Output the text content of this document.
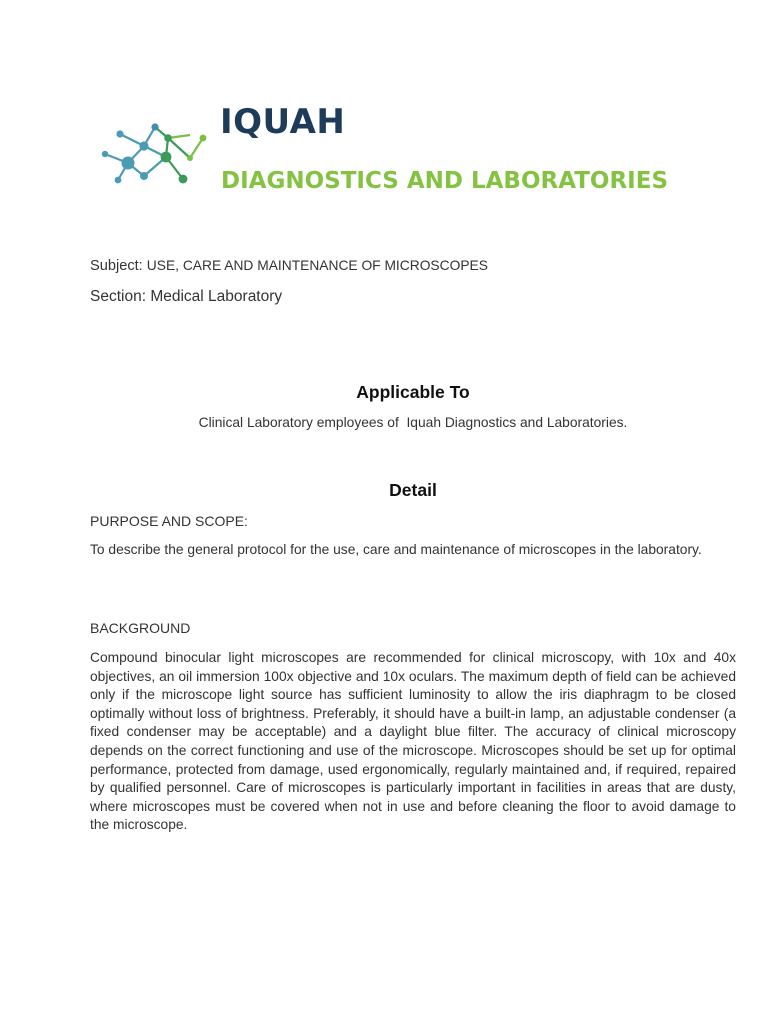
IQUAH
DIAGNOSTICS AND LABORATORIES
Subject: USE, CARE AND MAINTENANCE OF MICROSCOPES
Section: Medical Laboratory
Applicable To
Clinical Laboratory employees of  Iquah Diagnostics and Laboratories.
Detail
PURPOSE AND SCOPE:

To describe the general protocol for the use, care and maintenance of microscopes in the laboratory.

BACKGROUND

Compound binocular light microscopes are recommended for clinical microscopy, with 10x and 40x objectives, an oil immersion 100x objective and 10x oculars. The maximum depth of field can be achieved only if the microscope light source has sufficient luminosity to allow the iris diaphragm to be closed optimally without loss of brightness. Preferably, it should have a built-in lamp, an adjustable condenser (a fixed condenser may be acceptable) and a daylight blue filter. The accuracy of clinical microscopy depends on the correct functioning and use of the microscope. Microscopes should be set up for optimal performance, protected from damage, used ergonomically, regularly maintained and, if required, repaired by qualified personnel. Care of microscopes is particularly important in facilities in areas that are dusty, where microscopes must be covered when not in use and before cleaning the floor to avoid damage to the microscope.
